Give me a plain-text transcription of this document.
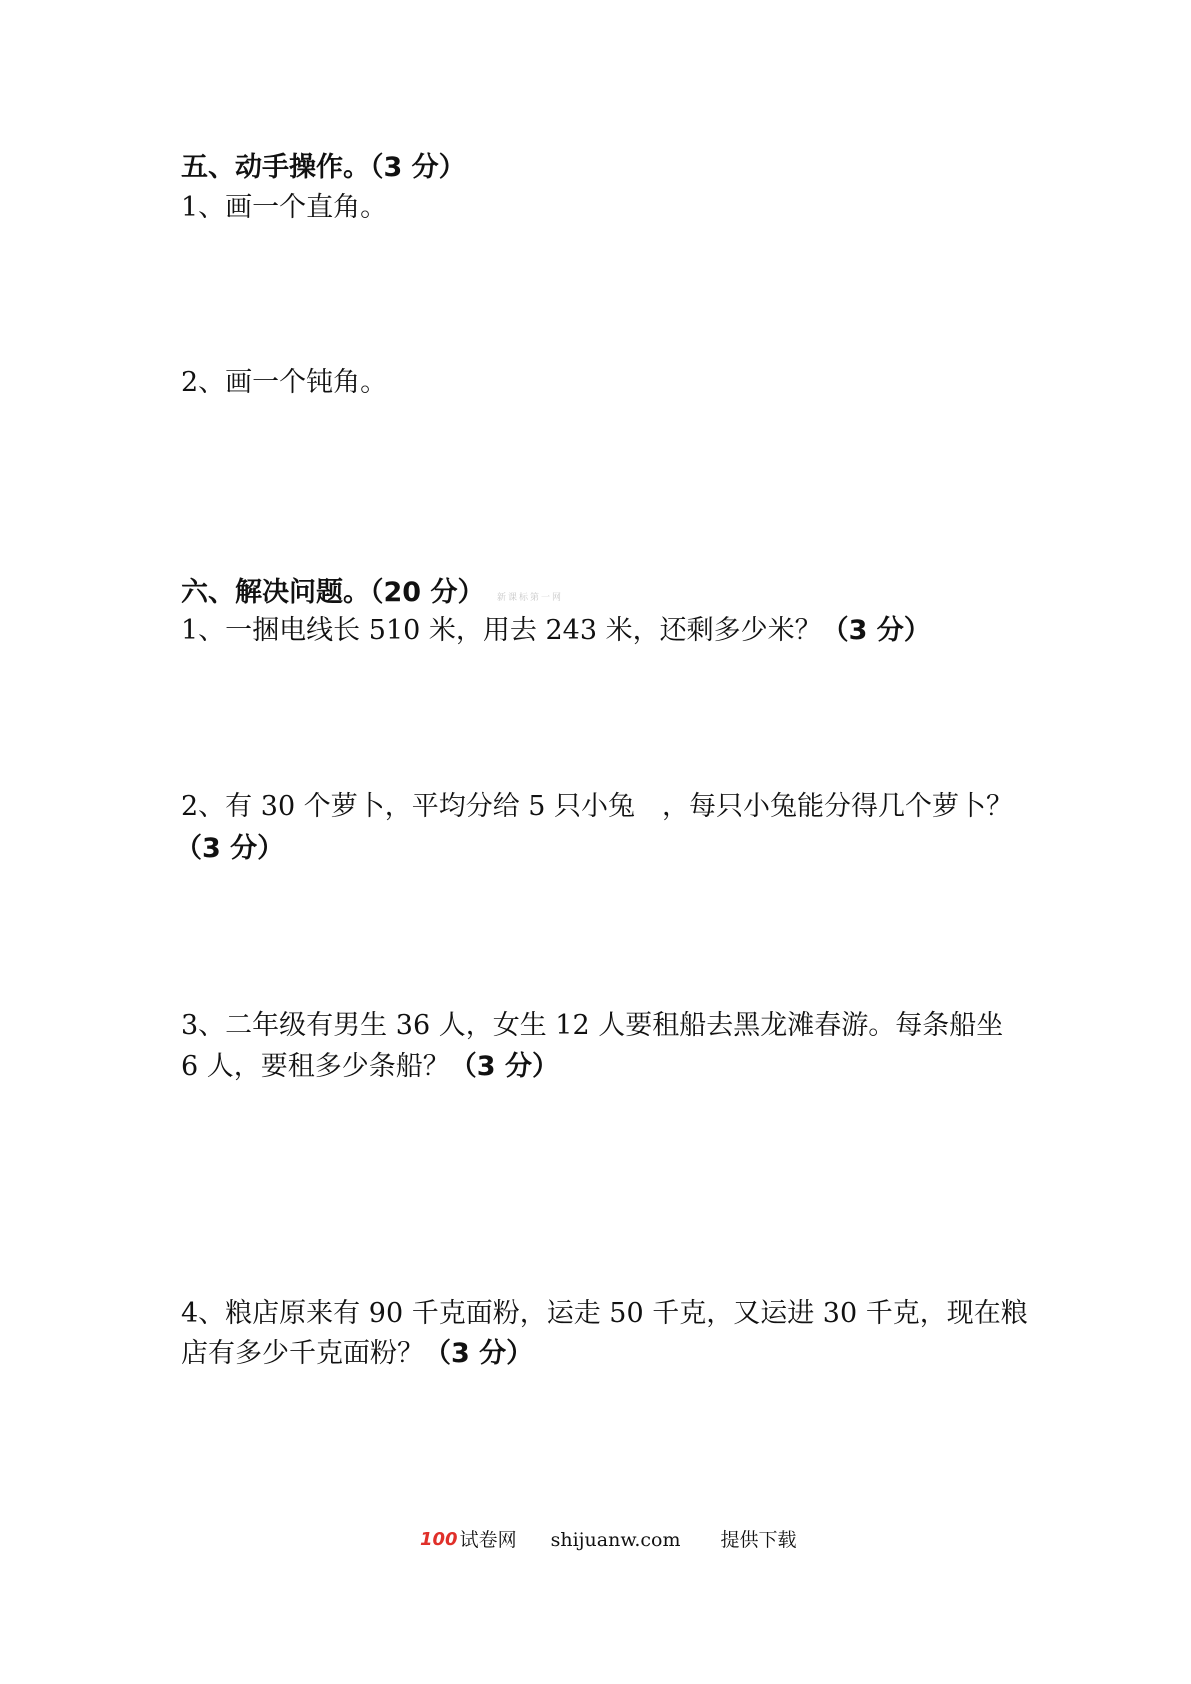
五、动手操作。（3 分）
1、画一个直角。
2、画一个钝角。
六、解决问题。（20 分） 新课标第一网
1、一捆电线长 510 米，用去 243 米，还剩多少米？（3 分）
2、有 30 个萝卜，平均分给 5 只小兔　，每只小兔能分得几个萝卜？
（3 分）
3、二年级有男生 36 人，女生 12 人要租船去黑龙滩春游。每条船坐
6 人，要租多少条船？（3 分）
4、粮店原来有 90 千克面粉，运走 50 千克，又运进 30 千克，现在粮
店有多少千克面粉？（3 分）
100 试卷网 shijuanw.com 提供下载
